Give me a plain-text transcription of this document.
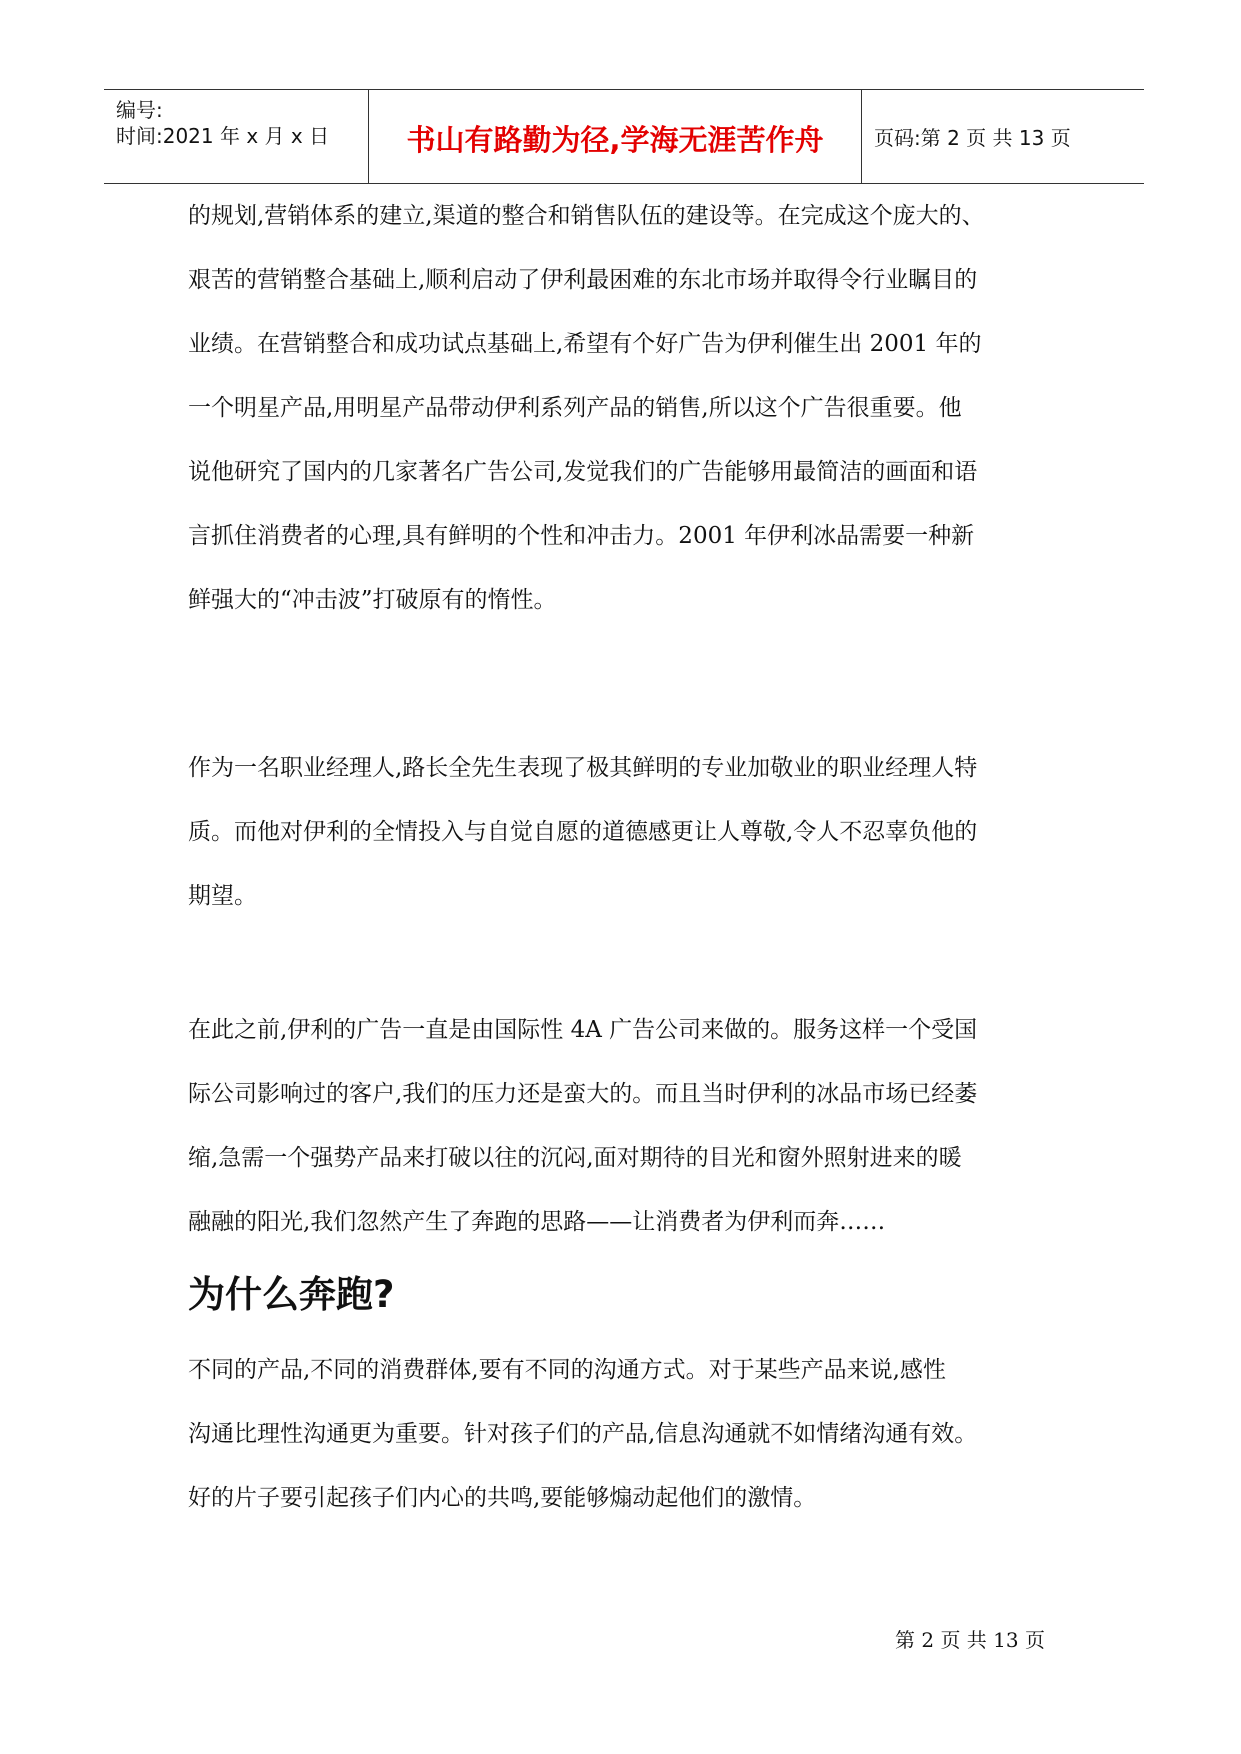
编号:
时间:2021 年 x 月 x 日	书山有路勤为径,学海无涯苦作舟	页码:第 2 页 共 13 页

的规划,营销体系的建立,渠道的整合和销售队伍的建设等。在完成这个庞大的、

艰苦的营销整合基础上,顺利启动了伊利最困难的东北市场并取得令行业瞩目的

业绩。在营销整合和成功试点基础上,希望有个好广告为伊利催生出 2001 年的

一个明星产品,用明星产品带动伊利系列产品的销售,所以这个广告很重要。他

说他研究了国内的几家著名广告公司,发觉我们的广告能够用最简洁的画面和语

言抓住消费者的心理,具有鲜明的个性和冲击力。2001 年伊利冰品需要一种新

鲜强大的“冲击波”打破原有的惰性。

作为一名职业经理人,路长全先生表现了极其鲜明的专业加敬业的职业经理人特

质。而他对伊利的全情投入与自觉自愿的道德感更让人尊敬,令人不忍辜负他的

期望。

在此之前,伊利的广告一直是由国际性 4A 广告公司来做的。服务这样一个受国

际公司影响过的客户,我们的压力还是蛮大的。而且当时伊利的冰品市场已经萎

缩,急需一个强势产品来打破以往的沉闷,面对期待的目光和窗外照射进来的暖

融融的阳光,我们忽然产生了奔跑的思路——让消费者为伊利而奔……

为什么奔跑?

不同的产品,不同的消费群体,要有不同的沟通方式。对于某些产品来说,感性

沟通比理性沟通更为重要。针对孩子们的产品,信息沟通就不如情绪沟通有效。

好的片子要引起孩子们内心的共鸣,要能够煽动起他们的激情。

第 2 页 共 13 页
